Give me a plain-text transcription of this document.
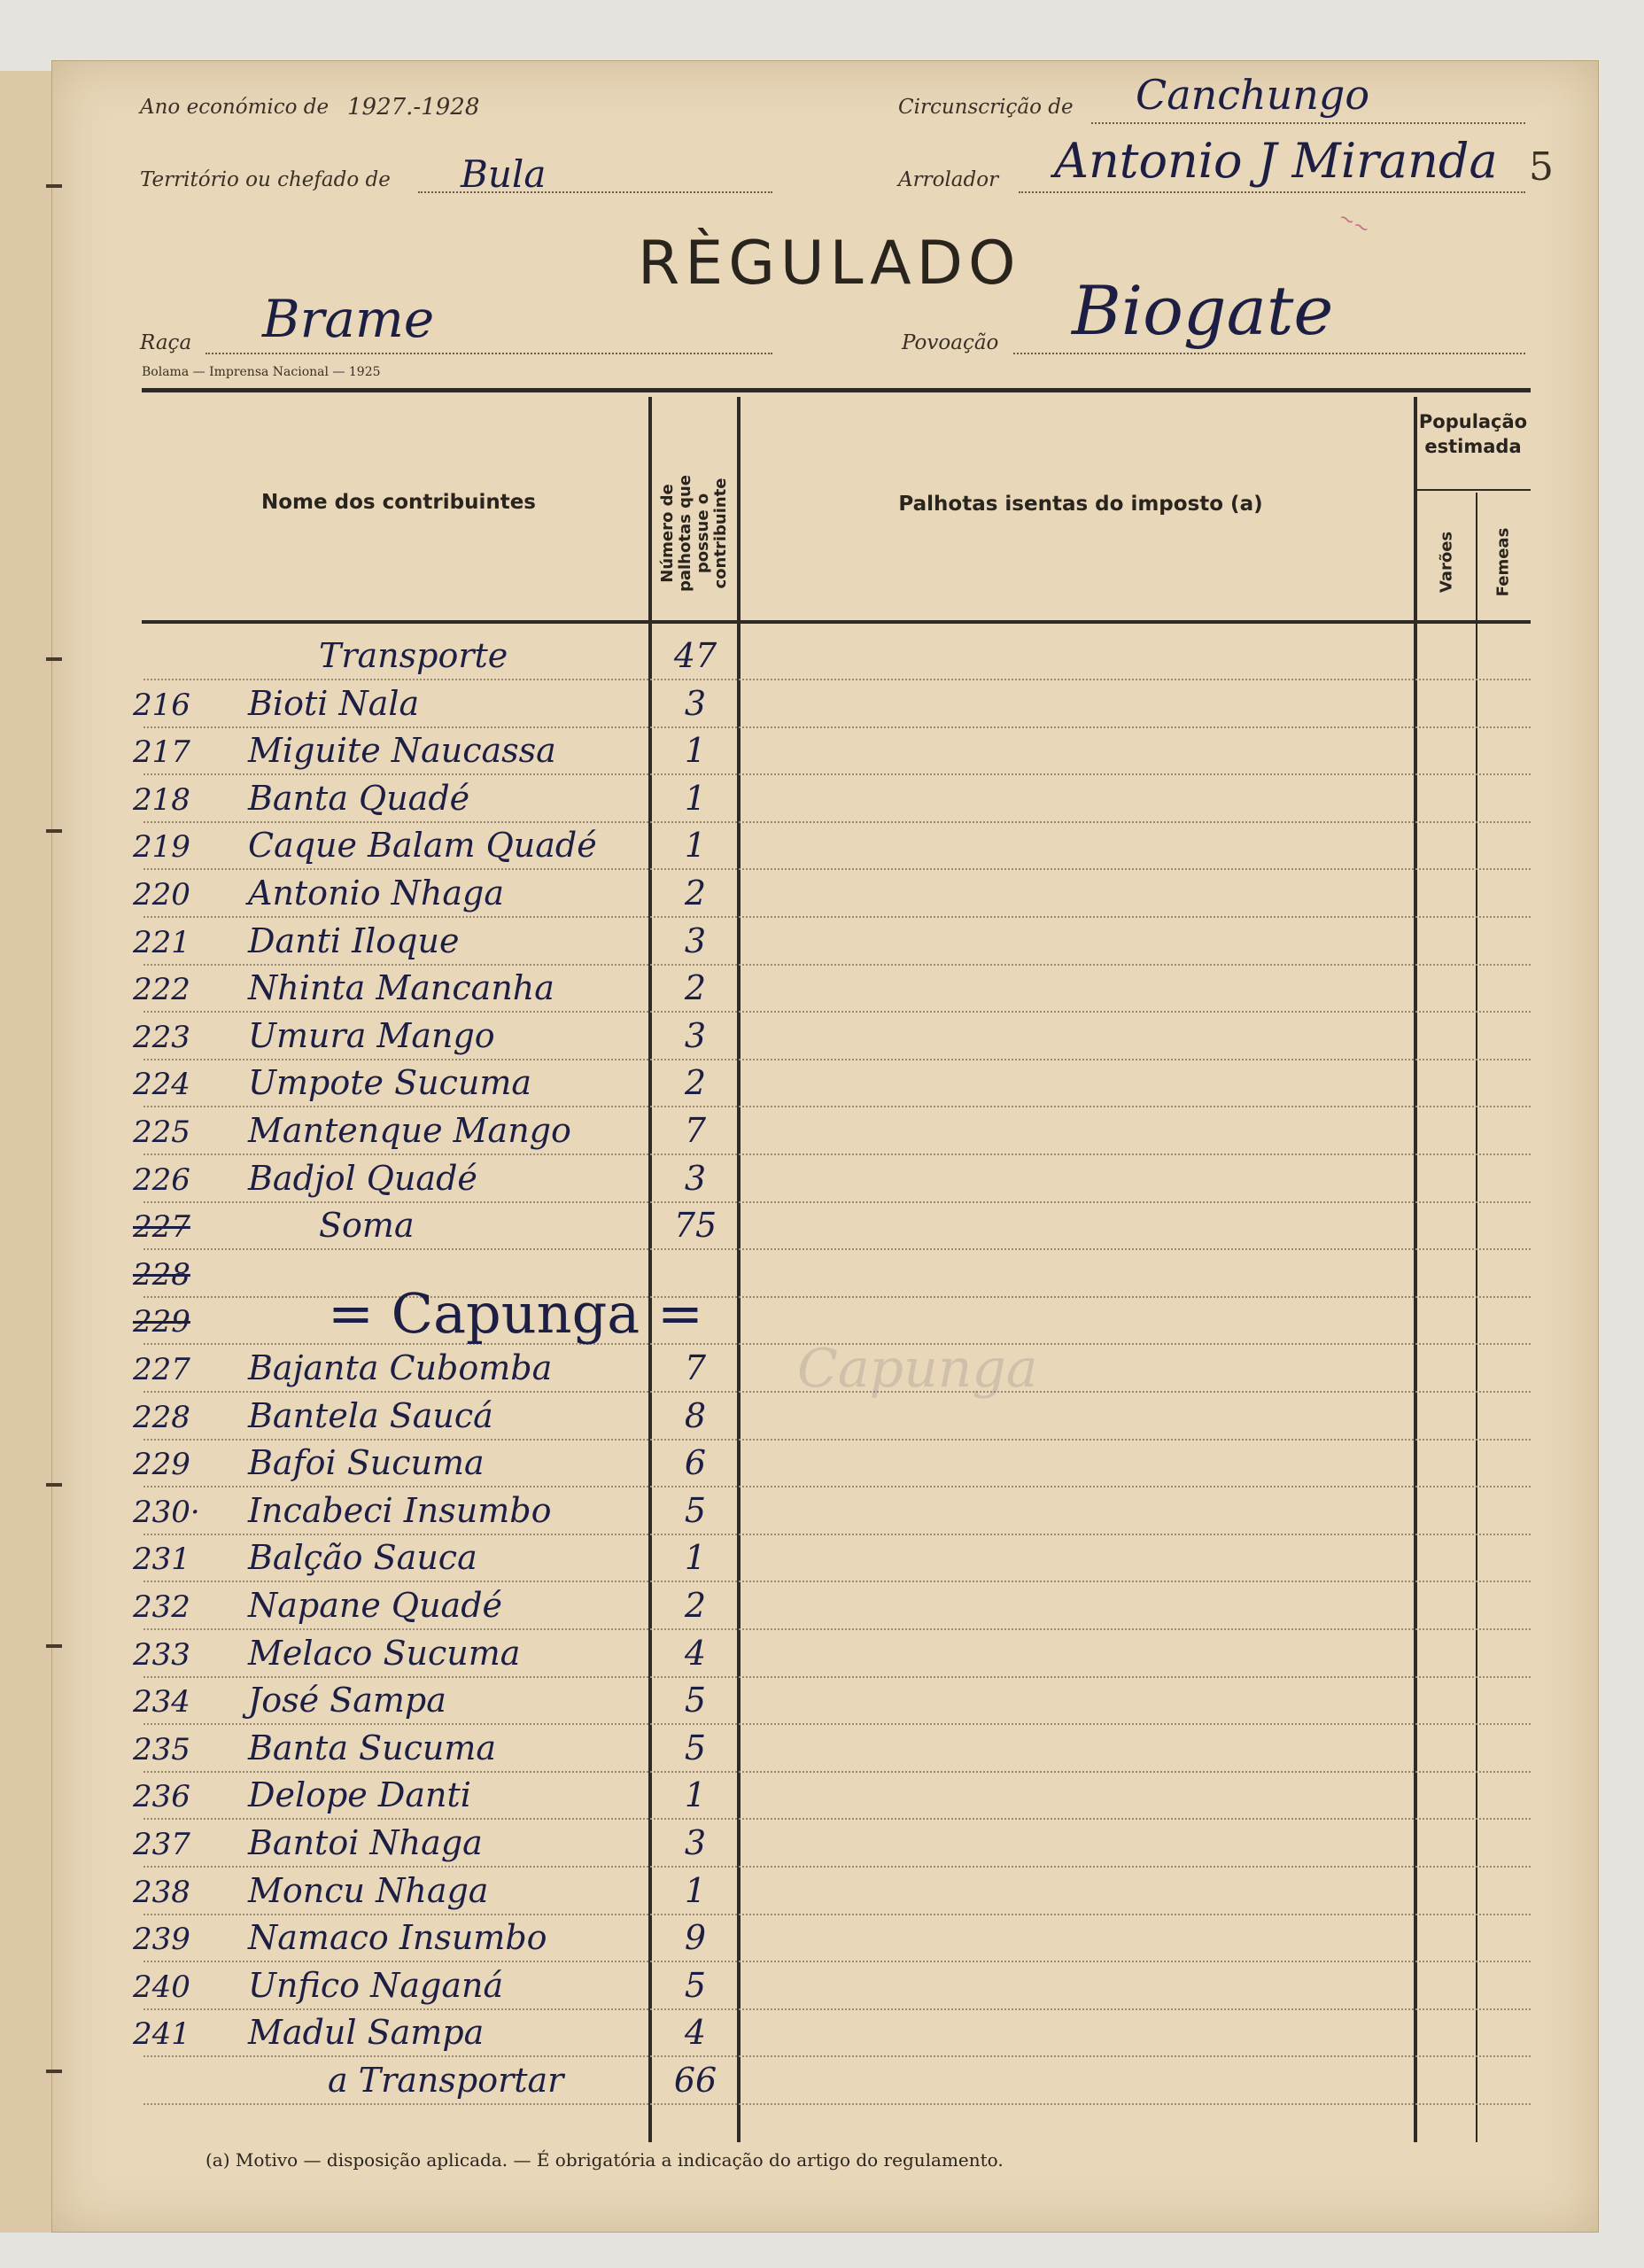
Ano económico de 1927.-1928	Circunscrição de Canchungo
Território ou chefado de Bula	Arrolador Antonio J Miranda 5
~~
RÈGULADO
Raça Brame	Povoação Biogate
Bolama — Imprensa Nacional — 1925
Nome dos contribuintes	Número de palhotas que possue o contribuinte	Palhotas isentas do imposto (a)
População estimada
Varões Femeas
Transporte	47
216	Bioti Nala	3
217	Miguite Naucassa	1
218	Banta Quadé	1
219	Caque Balam Quadé	1
220	Antonio Nhaga	2
221	Danti Iloque	3
222	Nhinta Mancanha	2
223	Umura Mango	3
224	Umpote Sucuma	2
225	Mantenque Mango	7
226	Badjol Quadé	3
227	Soma	75
228
229	= Capunga =
227	Bajanta Cubomba	7
228	Bantela Saucá	8
229	Bafoi Sucuma	6
230·	Incabeci Insumbo	5
231	Balção Sauca	1
232	Napane Quadé	2
233	Melaco Sucuma	4
234	José Sampa	5
235	Banta Sucuma	5
236	Delope Danti	1
237	Bantoi Nhaga	3
238	Moncu Nhaga	1
239	Namaco Insumbo	9
240	Unfico Naganá	5
241	Madul Sampa	4
a Transportar	66
Capunga
(a) Motivo — disposição aplicada. — É obrigatória a indicação do artigo do regulamento.
